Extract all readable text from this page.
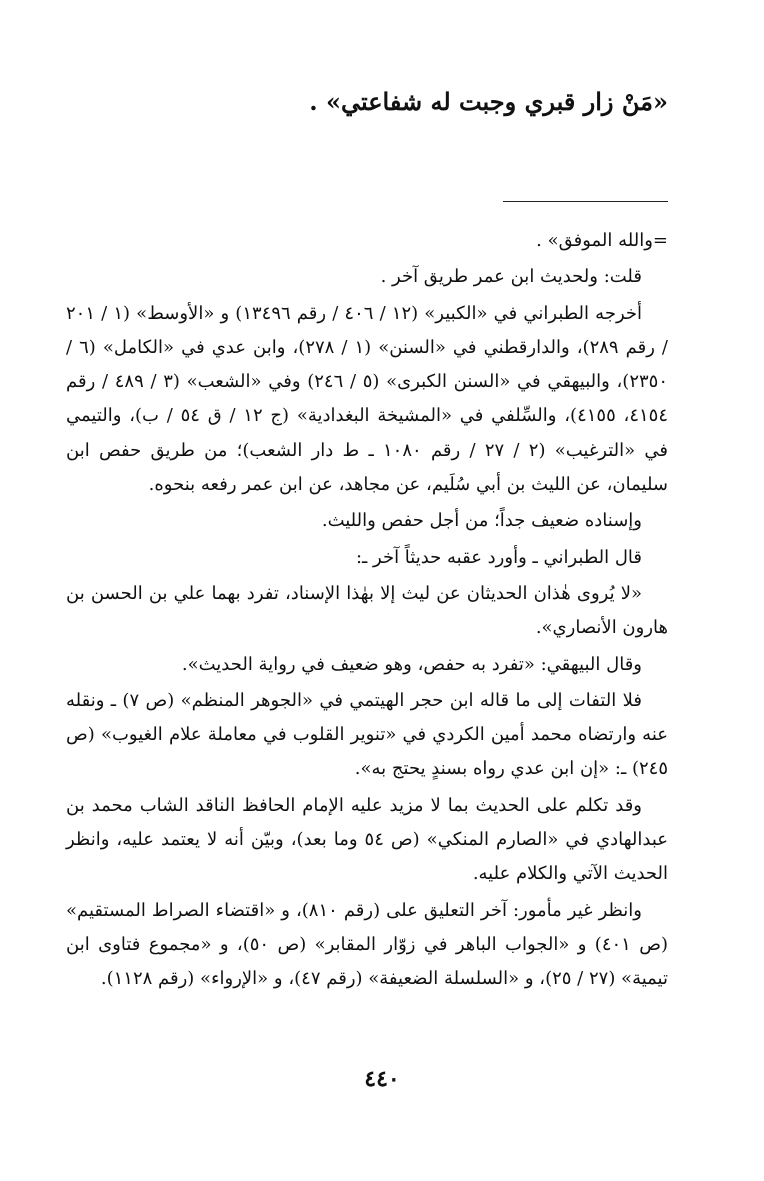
«مَنْ زار قبري وجبت له شفاعتي» .

=والله الموفق» .

قلت: ولحديث ابن عمر طريق آخر .

أخرجه الطبراني في «الكبير» (١٢ / ٤٠٦ / رقم ١٣٤٩٦) و «الأوسط» (١ / ٢٠١ / رقم ٢٨٩)، والدارقطني في «السنن» (١ / ٢٧٨)، وابن عدي في «الكامل» (٦ / ٢٣٥٠)، والبيهقي في «السنن الكبرى» (٥ / ٢٤٦) وفي «الشعب» (٣ / ٤٨٩ / رقم ٤١٥٤، ٤١٥٥)، والسِّلفي في «المشيخة البغدادية» (ج ١٢ / ق ٥٤ / ب)، والتيمي في «الترغيب» (٢ / ٢٧ / رقم ١٠٨٠ ـ ط دار الشعب)؛ من طريق حفص ابن سليمان، عن الليث بن أبي سُلَيم، عن مجاهد، عن ابن عمر رفعه بنحوه.

وإسناده ضعيف جداً؛ من أجل حفص والليث.

قال الطبراني ـ وأورد عقبه حديثاً آخر ـ:

«لا يُروى هٰذان الحديثان عن ليث إلا بهٰذا الإسناد، تفرد بهما علي بن الحسن بن هارون الأنصاري».

وقال البيهقي: «تفرد به حفص، وهو ضعيف في رواية الحديث».

فلا التفات إلى ما قاله ابن حجر الهيتمي في «الجوهر المنظم» (ص ٧) ـ ونقله عنه وارتضاه محمد أمين الكردي في «تنوير القلوب في معاملة علام الغيوب» (ص ٢٤٥) ـ: «إن ابن عدي رواه بسندٍ يحتج به».

وقد تكلم على الحديث بما لا مزيد عليه الإمام الحافظ الناقد الشاب محمد بن عبدالهادي في «الصارم المنكي» (ص ٥٤ وما بعد)، وبيّن أنه لا يعتمد عليه، وانظر الحديث الآتي والكلام عليه.

وانظر غير مأمور: آخر التعليق على (رقم ٨١٠)، و «اقتضاء الصراط المستقيم» (ص ٤٠١) و «الجواب الباهر في زوّار المقابر» (ص ٥٠)، و «مجموع فتاوى ابن تيمية» (٢٧ / ٢٥)، و «السلسلة الضعيفة» (رقم ٤٧)، و «الإرواء» (رقم ١١٢٨).

٤٤٠
